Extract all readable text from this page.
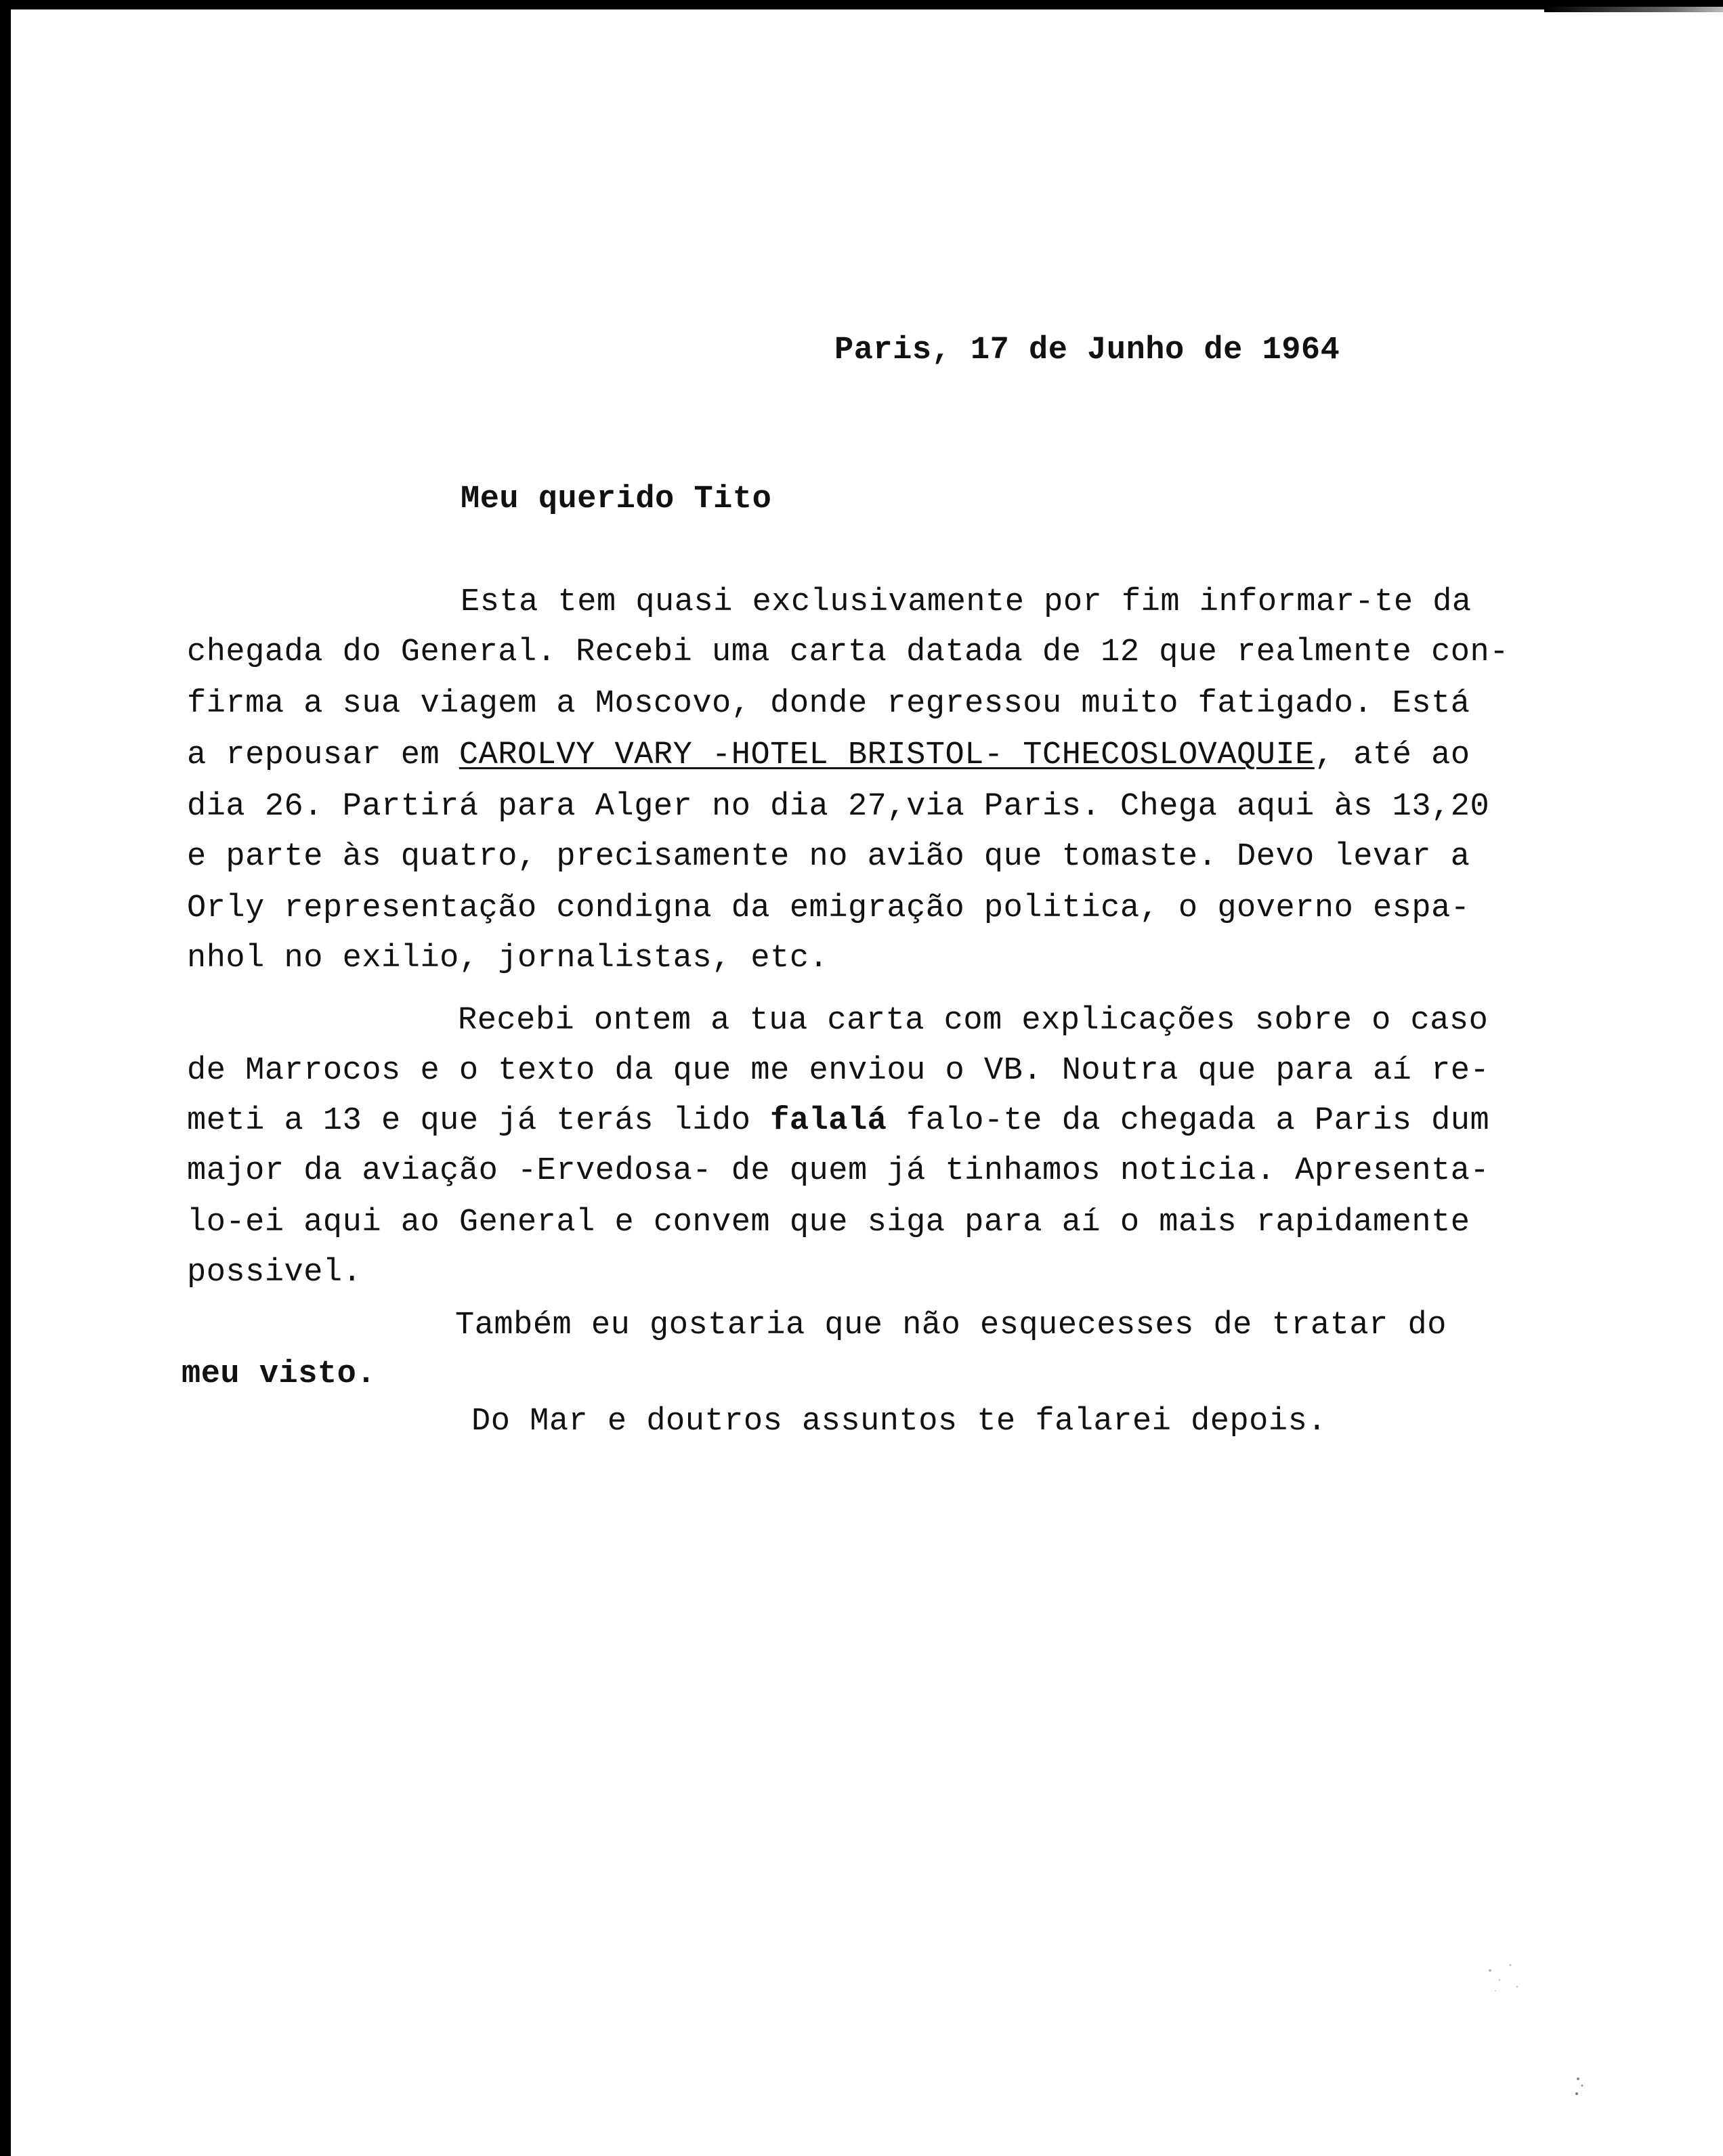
Paris, 17 de Junho de 1964
Meu querido Tito
Esta tem quasi exclusivamente por fim informar-te da
chegada do General. Recebi uma carta datada de 12 que realmente con-
firma a sua viagem a Moscovo, donde regressou muito fatigado. Está
a repousar em CAROLVY VARY -HOTEL BRISTOL- TCHECOSLOVAQUIE, até ao
dia 26. Partirá para Alger no dia 27,via Paris. Chega aqui às 13,20
e parte às quatro, precisamente no avião que tomaste. Devo levar a
Orly representação condigna da emigração politica, o governo espa-
nhol no exilio, jornalistas, etc.
Recebi ontem a tua carta com explicações sobre o caso
de Marrocos e o texto da que me enviou o VB. Noutra que para aí re-
meti a 13 e que já terás lido falalá falo-te da chegada a Paris dum
major da aviação -Ervedosa- de quem já tinhamos noticia. Apresenta-
lo-ei aqui ao General e convem que siga para aí o mais rapidamente
possivel.
Também eu gostaria que não esquecesses de tratar do
meu visto.
Do Mar e doutros assuntos te falarei depois.
